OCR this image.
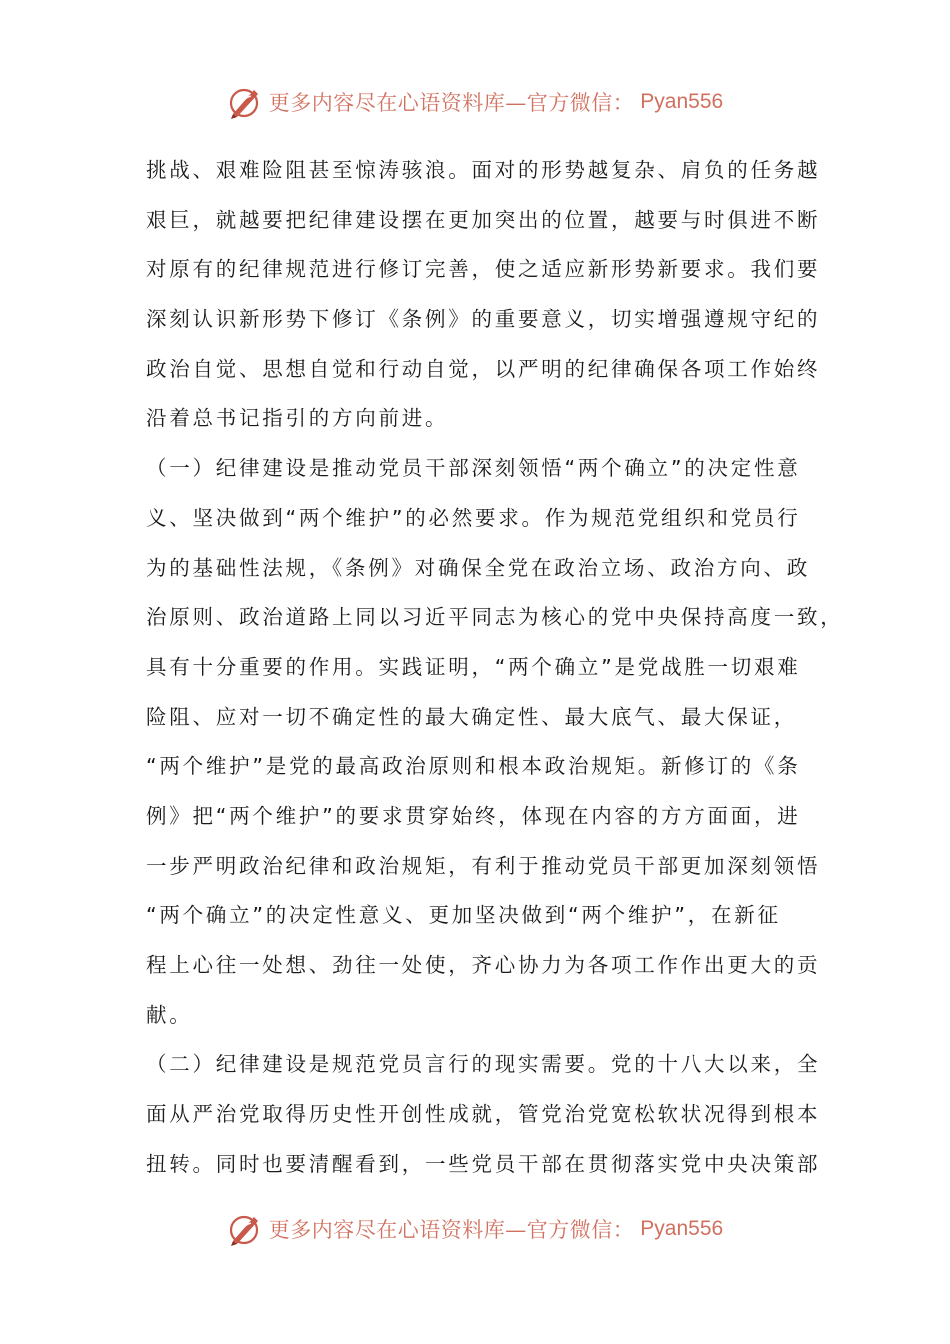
更多内容尽在心语资料库—官方微信： Pyan556
挑战、艰难险阻甚至惊涛骇浪。面对的形势越复杂、肩负的任务越
艰巨，就越要把纪律建设摆在更加突出的位置，越要与时俱进不断
对原有的纪律规范进行修订完善，使之适应新形势新要求。我们要
深刻认识新形势下修订《条例》的重要意义，切实增强遵规守纪的
政治自觉、思想自觉和行动自觉，以严明的纪律确保各项工作始终
沿着总书记指引的方向前进。
（一）纪律建设是推动党员干部深刻领悟“两个确立”的决定性意
义、坚决做到“两个维护”的必然要求。作为规范党组织和党员行
为的基础性法规，《条例》对确保全党在政治立场、政治方向、政
治原则、政治道路上同以习近平同志为核心的党中央保持高度一致，
具有十分重要的作用。实践证明，“两个确立”是党战胜一切艰难
险阻、应对一切不确定性的最大确定性、最大底气、最大保证，
“两个维护”是党的最高政治原则和根本政治规矩。新修订的《条
例》把“两个维护”的要求贯穿始终，体现在内容的方方面面，进
一步严明政治纪律和政治规矩，有利于推动党员干部更加深刻领悟
“两个确立”的决定性意义、更加坚决做到“两个维护”，在新征
程上心往一处想、劲往一处使，齐心协力为各项工作作出更大的贡
献。
（二）纪律建设是规范党员言行的现实需要。党的十八大以来，全
面从严治党取得历史性开创性成就，管党治党宽松软状况得到根本
扭转。同时也要清醒看到，一些党员干部在贯彻落实党中央决策部
更多内容尽在心语资料库—官方微信： Pyan556
